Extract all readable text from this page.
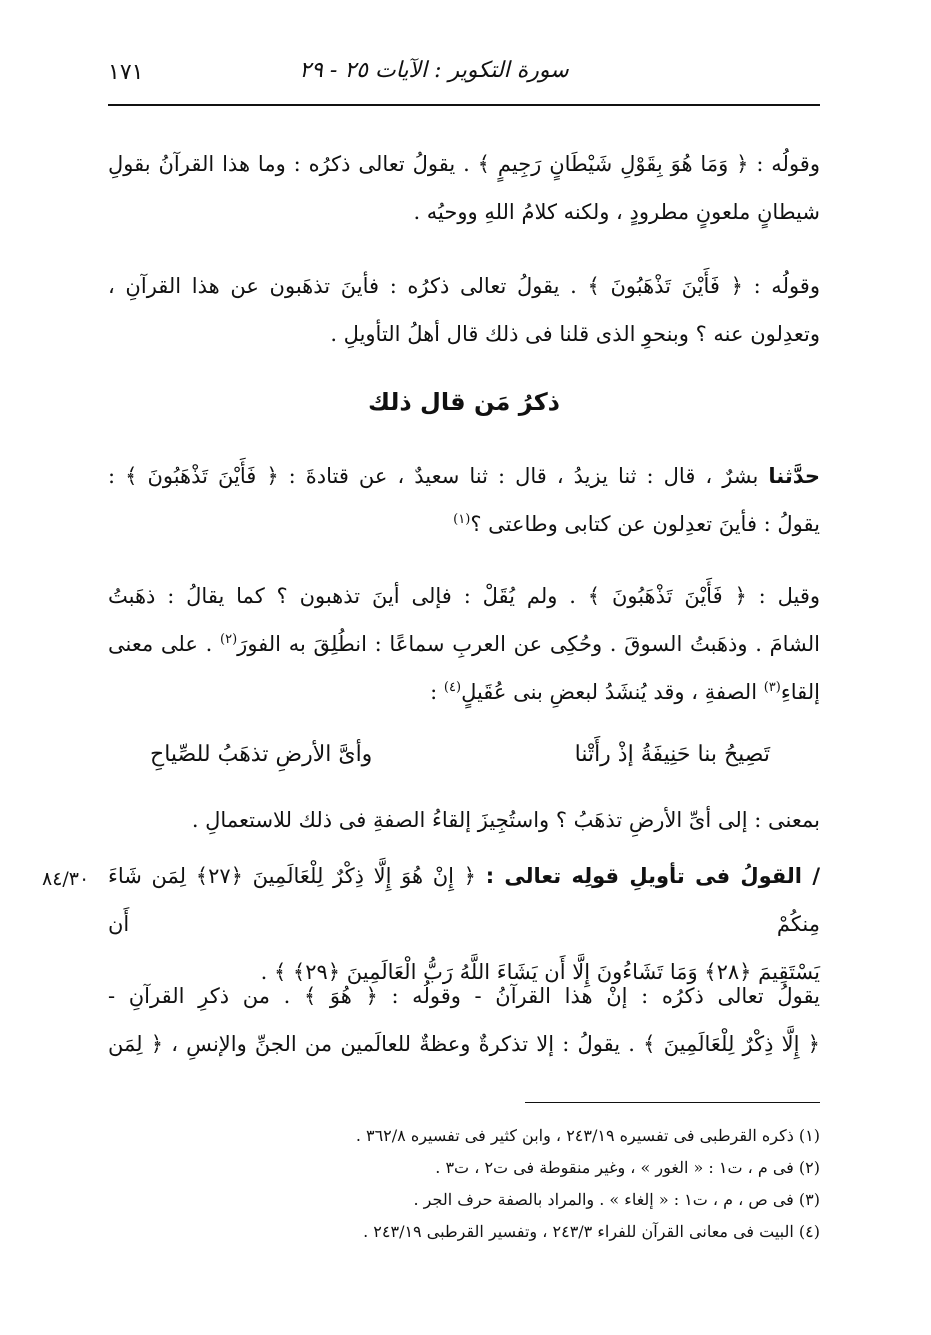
سورة التكوير : الآيات ٢٥ - ٢٩
١٧١
وقولُه : ﴿ وَمَا هُوَ بِقَوْلِ شَيْطَانٍ رَجِيمٍ ﴾ . يقولُ تعالى ذكرُه : وما هذا القرآنُ بقولِ
شيطانٍ ملعونٍ مطرودٍ ، ولكنه كلامُ اللهِ ووحيُه .
وقولُه : ﴿ فَأَيْنَ تَذْهَبُونَ ﴾ . يقولُ تعالى ذكرُه : فأينَ تذهَبون عن هذا القرآنِ ،
وتعدِلون عنه ؟ وبنحوِ الذى قلنا فى ذلك قال أهلُ التأويلِ .
ذكرُ مَن قال ذلك
حدَّثنا بشرٌ ، قال : ثنا يزيدُ ، قال : ثنا سعيدٌ ، عن قتادةَ : ﴿ فَأَيْنَ تَذْهَبُونَ ﴾ :
يقولُ : فأينَ تعدِلون عن كتابى وطاعتى ؟$^{(١)}$
وقيل : ﴿ فَأَيْنَ تَذْهَبُونَ ﴾ . ولم يُقَلْ : فإلى أينَ تذهبون ؟ كما يقالُ : ذهَبتُ
الشامَ . وذهَبتُ السوقَ . وحُكِى عن العربِ سماعًا : انطُلِقَ به الفورَ$^{(٢)}$ . على معنى
إلقاءِ$^{(٣)}$ الصفةِ ، وقد يُنشَدُ لبعضِ بنى عُقَيلٍ$^{(٤)}$ :
تَصِيحُ بنا حَنِيفَةُ إذْ رأَتْنا
وأىَّ الأرضِ تذهَبُ للصِّياحِ
بمعنى : إلى أىِّ الأرضِ تذهَبُ ؟ واستُجِيزَ إلقاءُ الصفةِ فى ذلك للاستعمالِ .
/ القولُ فى تأويلِ قولِه تعالى : ﴿ إِنْ هُوَ إِلَّا ذِكْرٌ لِلْعَالَمِينَ ﴿٢٧﴾ لِمَن شَاءَ مِنكُمْ أَن
يَسْتَقِيمَ ﴿٢٨﴾ وَمَا تَشَاءُونَ إِلَّا أَن يَشَاءَ اللَّهُ رَبُّ الْعَالَمِينَ ﴿٢٩﴾ ﴾ .
٨٤/٣٠
يقولُ تعالى ذكرُه : إنْ هذا القرآنُ - وقولُه : ﴿ هُوَ ﴾ . من ذكرِ القرآنِ -
﴿ إِلَّا ذِكْرٌ لِلْعَالَمِينَ ﴾ . يقولُ : إلا تذكرةٌ وعظةٌ للعالَمين من الجنِّ والإنسِ ، ﴿ لِمَن
(١) ذكره القرطبى فى تفسيره ٢٤٣/١٩ ، وابن كثير فى تفسيره ٣٦٢/٨ .
(٢) فى م ، ت١ : « الغور » ، وغير منقوطة فى ت٢ ، ت٣ .
(٣) فى ص ، م ، ت١ : « إلغاء » . والمراد بالصفة حرف الجر .
(٤) البيت فى معانى القرآن للفراء ٢٤٣/٣ ، وتفسير القرطبى ٢٤٣/١٩ .
